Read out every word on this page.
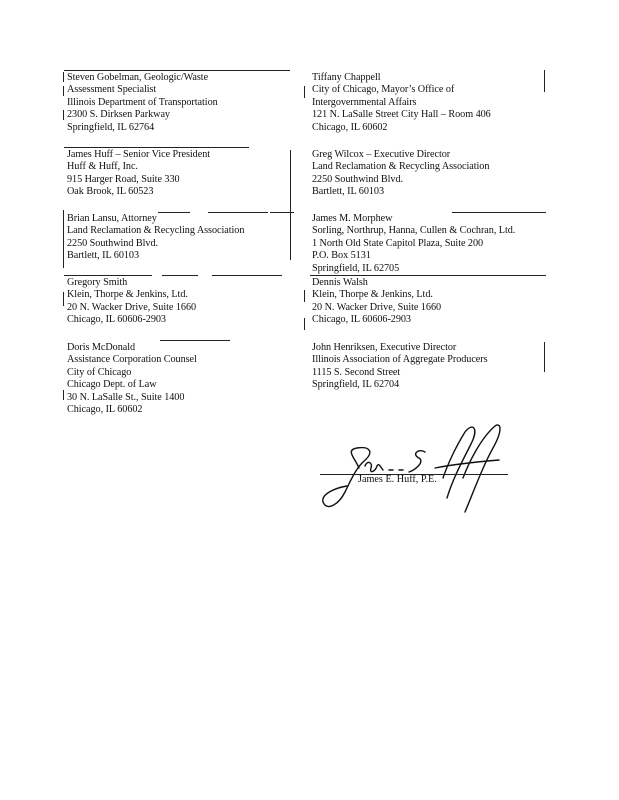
Steven Gobelman, Geologic/Waste
Assessment Specialist
Illinois Department of Transportation
2300 S. Dirksen Parkway
Springfield, IL 62764
James Huff – Senior Vice President
Huff & Huff, Inc.
915 Harger Road, Suite 330
Oak Brook, IL 60523
Brian Lansu, Attorney
Land Reclamation & Recycling Association
2250 Southwind Blvd.
Bartlett, IL 60103
Gregory Smith
Klein, Thorpe & Jenkins, Ltd.
20 N. Wacker Drive, Suite 1660
Chicago, IL 60606-2903
Doris McDonald
Assistance Corporation Counsel
City of Chicago
Chicago Dept. of Law
30 N. LaSalle St., Suite 1400
Chicago, IL 60602
Tiffany Chappell
City of Chicago, Mayor’s Office of
Intergovernmental Affairs
121 N. LaSalle Street City Hall – Room 406
Chicago, IL 60602
Greg Wilcox – Executive Director
Land Reclamation & Recycling Association
2250 Southwind Blvd.
Bartlett, IL 60103
James M. Morphew
Sorling, Northrup, Hanna, Cullen & Cochran, Ltd.
1 North Old State Capitol Plaza, Suite 200
P.O. Box 5131
Springfield, IL 62705
Dennis Walsh
Klein, Thorpe & Jenkins, Ltd.
20 N. Wacker Drive, Suite 1660
Chicago, IL 60606-2903
John Henriksen, Executive Director
Illinois Association of Aggregate Producers
1115 S. Second Street
Springfield, IL 62704
James E. Huff, P.E.
